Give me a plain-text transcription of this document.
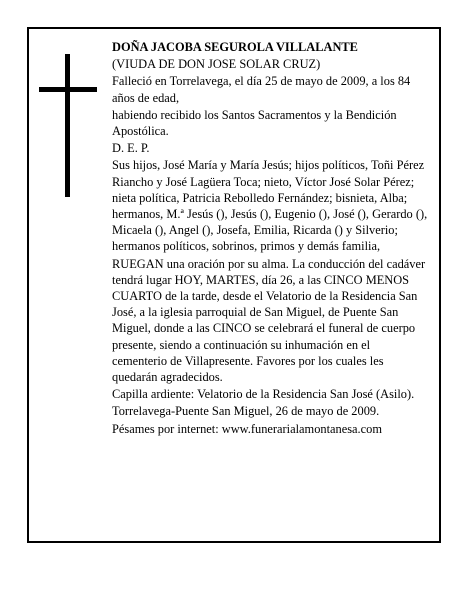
DOÑA JACOBA SEGUROLA VILLALANTE

(VIUDA DE DON JOSE SOLAR CRUZ)

Falleció en Torrelavega, el día 25 de mayo de 2009, a los 84 años de edad,

habiendo recibido los Santos Sacramentos y la Bendición Apostólica.

D. E. P.

Sus hijos, José María y María Jesús; hijos políticos, Toñi Pérez Riancho y José Lagüera Toca; nieto, Víctor José Solar Pérez; nieta política, Patricia Rebolledo Fernández; bisnieta, Alba; hermanos, M.ª Jesús (), Jesús (), Eugenio (), José (), Gerardo (), Micaela (), Angel (), Josefa, Emilia, Ricarda () y Silverio; hermanos políticos, sobrinos, primos y demás familia,

RUEGAN una oración por su alma. La conducción del cadáver tendrá lugar HOY, MARTES, día 26, a las CINCO MENOS CUARTO de la tarde, desde el Velatorio de la Residencia San José, a la iglesia parroquial de San Miguel, de Puente San Miguel, donde a las CINCO se celebrará el funeral de cuerpo presente, siendo a continuación su inhumación en el cementerio de Villapresente. Favores por los cuales les quedarán agradecidos.

Capilla ardiente: Velatorio de la Residencia San José (Asilo).

Torrelavega-Puente San Miguel, 26 de mayo de 2009.

Pésames por internet: www.funerarialamontanesa.com
